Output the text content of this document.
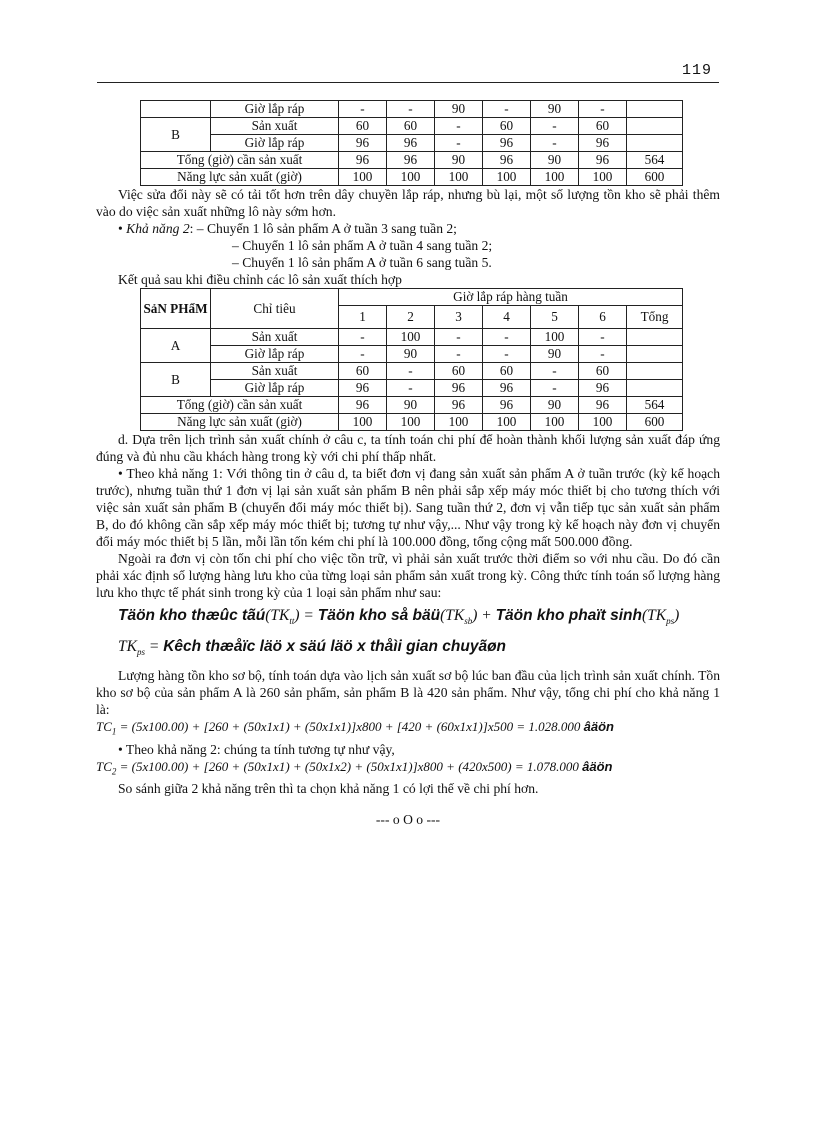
119
	Giờ lắp ráp	-	-	90	-	90	-	
B	Sản xuất	60	60	-	60	-	60	
	Giờ lắp ráp	96	96	-	96	-	96	
Tổng (giờ) cần sản xuất		96	96	90	96	90	96	564
Năng lực sản xuất (giờ)		100	100	100	100	100	100	600

Việc sửa đổi này sẽ có tải tốt hơn trên dây chuyền lắp ráp, nhưng bù lại, một số lượng tồn kho sẽ phải thêm vào do việc sản xuất những lô này sớm hơn.

• Khả năng 2: – Chuyển 1 lô sản phẩm A ở tuần 3 sang tuần 2;

– Chuyển 1 lô sản phẩm A ở tuần 4 sang tuần 2;

– Chuyển 1 lô sản phẩm A ở tuần 6 sang tuần 5.

Kết quả sau khi điều chỉnh các lô sản xuất thích hợp

SảN PHẩM	Chỉ tiêu	Giờ lắp ráp hàng tuần						
		1	2	3	4	5	6	Tổng
A	Sản xuất	-	100	-	-	100	-	
	Giờ lắp ráp	-	90	-	-	90	-	
B	Sản xuất	60	-	60	60	-	60	
	Giờ lắp ráp	96	-	96	96	-	96	
Tổng (giờ) cần sản xuất		96	90	96	96	90	96	564
Năng lực sản xuất (giờ)		100	100	100	100	100	100	600

d. Dựa trên lịch trình sản xuất chính ở câu c, ta tính toán chi phí để hoàn thành khối lượng sản xuất đáp ứng đúng và đủ nhu cầu khách hàng trong kỳ với chi phí thấp nhất.

• Theo khả năng 1: Với thông tin ở câu d, ta biết đơn vị đang sản xuất sản phẩm A ở tuần trước (kỳ kế hoạch trước), nhưng tuần thứ 1 đơn vị lại sản xuất sản phẩm B nên phải sắp xếp máy móc thiết bị cho tương thích với việc sản xuất sản phẩm B (chuyển đổi máy móc thiết bị). Sang tuần thứ 2, đơn vị vẫn tiếp tục sản xuất sản phẩm B, do đó không cần sắp xếp máy móc thiết bị; tương tự như vậy,... Như vậy trong kỳ kế hoạch này đơn vị chuyển đổi máy móc thiết bị 5 lần, mỗi lần tốn kém chi phí là 100.000 đồng, tổng cộng mất 500.000 đồng.

Ngoài ra đơn vị còn tốn chi phí cho việc tồn trữ, vì phải sản xuất trước thời điểm so với nhu cầu. Do đó cần phải xác định số lượng hàng lưu kho của từng loại sản phẩm sản xuất trong kỳ. Công thức tính toán số lượng hàng lưu kho thực tế phát sinh trong kỳ của 1 loại sản phẩm như sau:

Täön kho thæûc $tãú(TK_{tt})$ = Täön kho så $bäü(TK_{sb})$ + Täön kho phaït $\sinh(TK_{ps})$
$TK_{ps}$ = Kêch thæåïc läö x säú läö x thåìi gian chuyãøn

Lượng hàng tồn kho sơ bộ, tính toán dựa vào lịch sản xuất sơ bộ lúc ban đầu của lịch trình sản xuất chính. Tồn kho sơ bộ của sản phẩm A là 260 sản phẩm, sản phẩm B là 420 sản phẩm. Như vậy, tổng chi phí cho khả năng 1 là:

$TC_1 = (5x100.00) + [260 + (50x1x1) + (50x1x1)]x800 + [420 + (60x1x1)]x500 = 1.028.000$ âäön

• Theo khả năng 2: chúng ta tính tương tự như vậy,

$TC_2 = (5x100.00) + [260 + (50x1x1) + (50x1x2) + (50x1x1)]x800 + (420x500) = 1.078.000$ âäön

So sánh giữa 2 khả năng trên thì ta chọn khả năng 1 có lợi thế về chi phí hơn.

--- o O o ---
